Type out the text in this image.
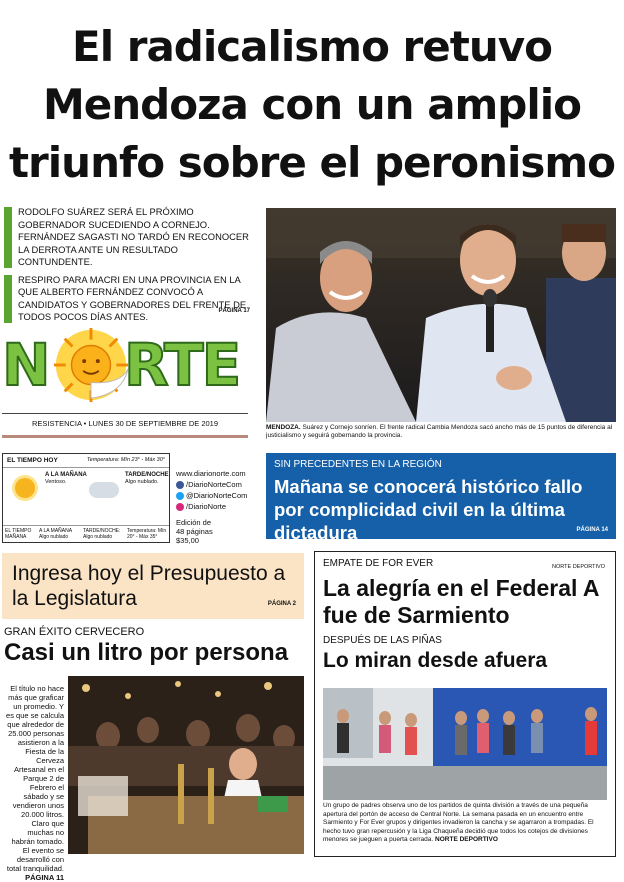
El radicalismo retuvo
Mendoza con un amplio
triunfo sobre el peronismo

RODOLFO SUÁREZ SERÁ EL PRÓXIMO GOBERNADOR SUCEDIENDO A CORNEJO. FERNÁNDEZ SAGASTI NO TARDÓ EN RECONOCER LA DERROTA ANTE UN RESULTADO CONTUNDENTE.

RESPIRO PARA MACRI EN UNA PROVINCIA EN LA QUE ALBERTO FERNÁNDEZ CONVOCÓ A CANDIDATOS Y GOBERNADORES DEL FRENTE DE TODOS POCOS DÍAS ANTES.	PÁGINA 17
N RTE
RESISTENCIA • LUNES 30 DE SEPTIEMBRE DE 2019
EL TIEMPO HOY	Temperatura: Mín 23° - Máx 30°
A LA MAÑANA
Ventoso.
TARDE/NOCHE
Algo nublado.
EL TIEMPO MAÑANA
A LA MAÑANA Algo nublado
TARDE/NOCHE: Algo nublado
Temperatura: Mín 20° - Máx 35°
www.diarionorte.com
/DiarioNorteCom
@DiarioNorteCom
/DiarioNorte
Edición de
48 páginas
$35,00
MENDOZA. Suárez y Cornejo sonríen. El frente radical Cambia Mendoza sacó ancho más de 15 puntos de diferencia al justicialismo y seguirá gobernando la provincia.
SIN PRECEDENTES EN LA REGIÓN
Mañana se conocerá histórico fallo por complicidad civil en la última dictadura	PÁGINA 14
Ingresa hoy el Presupuesto a la Legislatura	PÁGINA 2
GRAN ÉXITO CERVECERO
Casi un litro por persona
El título no hace más que graficar un promedio. Y es que se calcula que alrededor de 25.000 personas asistieron a la Fiesta de la Cerveza Artesanal en el Parque 2 de Febrero el sábado y se vendieron unos 20.000 litros. Claro que muchas no habrán tomado. El evento se desarrolló con total tranquilidad. PÁGINA 11
EMPATE DE FOR EVER	NORTE DEPORTIVO
La alegría en el Federal A fue de Sarmiento
DESPUÉS DE LAS PIÑAS
Lo miran desde afuera
Un grupo de padres observa uno de los partidos de quinta división a través de una pequeña apertura del portón de acceso de Central Norte. La semana pasada en un encuentro entre Sarmiento y For Ever grupos y dirigentes invadieron la cancha y se agarraron a trompadas. El hecho tuvo gran repercusión y la Liga Chaqueña decidió que todos los cotejos de divisiones menores se jueguen a puerta cerrada. NORTE DEPORTIVO
